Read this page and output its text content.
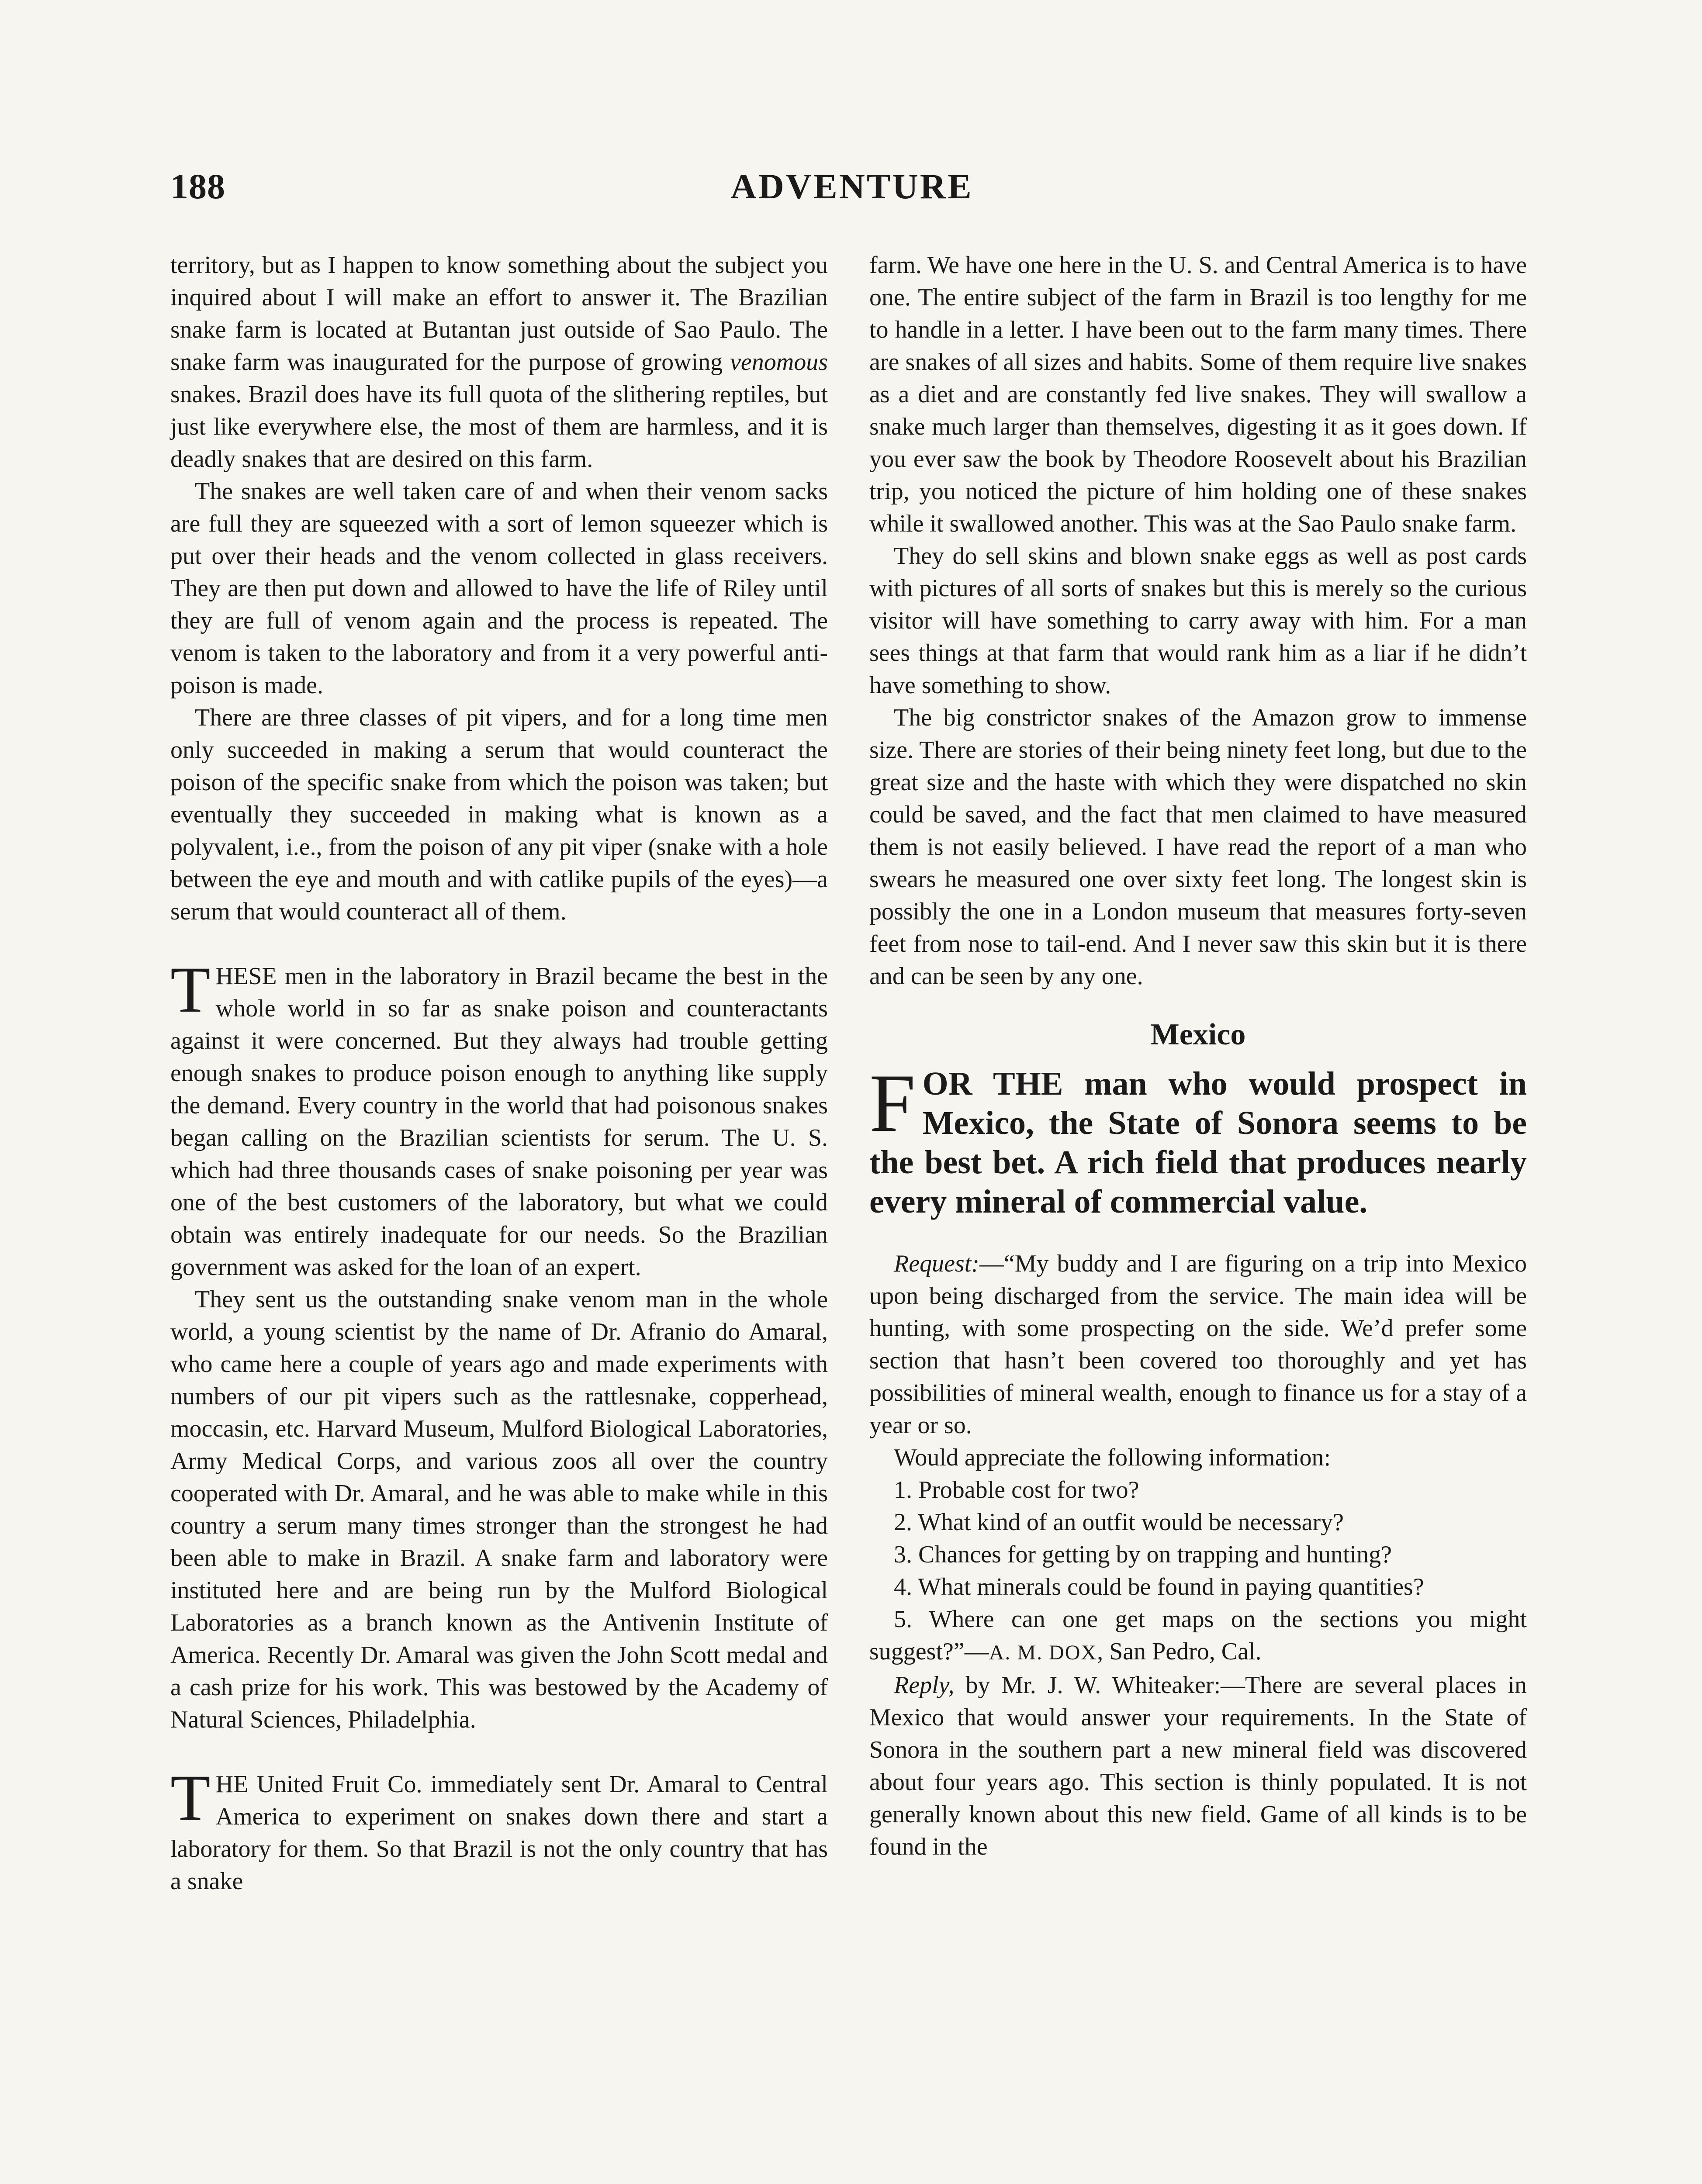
188	ADVENTURE

territory, but as I happen to know something about the subject you inquired about I will make an effort to answer it. The Brazilian snake farm is located at Butantan just outside of Sao Paulo. The snake farm was inaugurated for the purpose of growing venomous snakes. Brazil does have its full quota of the slithering reptiles, but just like everywhere else, the most of them are harmless, and it is deadly snakes that are desired on this farm.

The snakes are well taken care of and when their venom sacks are full they are squeezed with a sort of lemon squeezer which is put over their heads and the venom collected in glass receivers. They are then put down and allowed to have the life of Riley until they are full of venom again and the process is repeated. The venom is taken to the laboratory and from it a very powerful anti-poison is made.

There are three classes of pit vipers, and for a long time men only succeeded in making a serum that would counteract the poison of the specific snake from which the poison was taken; but eventually they succeeded in making what is known as a polyvalent, i.e., from the poison of any pit viper (snake with a hole between the eye and mouth and with catlike pupils of the eyes)—a serum that would counteract all of them.

THESE men in the laboratory in Brazil became the best in the whole world in so far as snake poison and counteractants against it were concerned. But they always had trouble getting enough snakes to produce poison enough to anything like supply the demand. Every country in the world that had poisonous snakes began calling on the Brazilian scientists for serum. The U. S. which had three thousands cases of snake poisoning per year was one of the best customers of the laboratory, but what we could obtain was entirely inadequate for our needs. So the Brazilian government was asked for the loan of an expert.

They sent us the outstanding snake venom man in the whole world, a young scientist by the name of Dr. Afranio do Amaral, who came here a couple of years ago and made experiments with numbers of our pit vipers such as the rattlesnake, copperhead, moccasin, etc. Harvard Museum, Mulford Biological Laboratories, Army Medical Corps, and various zoos all over the country cooperated with Dr. Amaral, and he was able to make while in this country a serum many times stronger than the strongest he had been able to make in Brazil. A snake farm and laboratory were instituted here and are being run by the Mulford Biological Laboratories as a branch known as the Antivenin Institute of America. Recently Dr. Amaral was given the John Scott medal and a cash prize for his work. This was bestowed by the Academy of Natural Sciences, Philadelphia.

THE United Fruit Co. immediately sent Dr. Amaral to Central America to experiment on snakes down there and start a laboratory for them. So that Brazil is not the only country that has a snake

farm. We have one here in the U. S. and Central America is to have one. The entire subject of the farm in Brazil is too lengthy for me to handle in a letter. I have been out to the farm many times. There are snakes of all sizes and habits. Some of them require live snakes as a diet and are constantly fed live snakes. They will swallow a snake much larger than themselves, digesting it as it goes down. If you ever saw the book by Theodore Roosevelt about his Brazilian trip, you noticed the picture of him holding one of these snakes while it swallowed another. This was at the Sao Paulo snake farm.

They do sell skins and blown snake eggs as well as post cards with pictures of all sorts of snakes but this is merely so the curious visitor will have something to carry away with him. For a man sees things at that farm that would rank him as a liar if he didn’t have something to show.

The big constrictor snakes of the Amazon grow to immense size. There are stories of their being ninety feet long, but due to the great size and the haste with which they were dispatched no skin could be saved, and the fact that men claimed to have measured them is not easily believed. I have read the report of a man who swears he measured one over sixty feet long. The longest skin is possibly the one in a London museum that measures forty-seven feet from nose to tail-end. And I never saw this skin but it is there and can be seen by any one.

Mexico

FOR THE man who would prospect in Mexico, the State of Sonora seems to be the best bet. A rich field that produces nearly every mineral of commercial value.

Request:—“My buddy and I are figuring on a trip into Mexico upon being discharged from the service. The main idea will be hunting, with some prospecting on the side. We’d prefer some section that hasn’t been covered too thoroughly and yet has possibilities of mineral wealth, enough to finance us for a stay of a year or so.

Would appreciate the following information:

1. Probable cost for two?

2. What kind of an outfit would be necessary?

3. Chances for getting by on trapping and hunting?

4. What minerals could be found in paying quantities?

5. Where can one get maps on the sections you might suggest?”—A. M. DOX, San Pedro, Cal.

Reply, by Mr. J. W. Whiteaker:—There are several places in Mexico that would answer your requirements. In the State of Sonora in the southern part a new mineral field was discovered about four years ago. This section is thinly populated. It is not generally known about this new field. Game of all kinds is to be found in the
